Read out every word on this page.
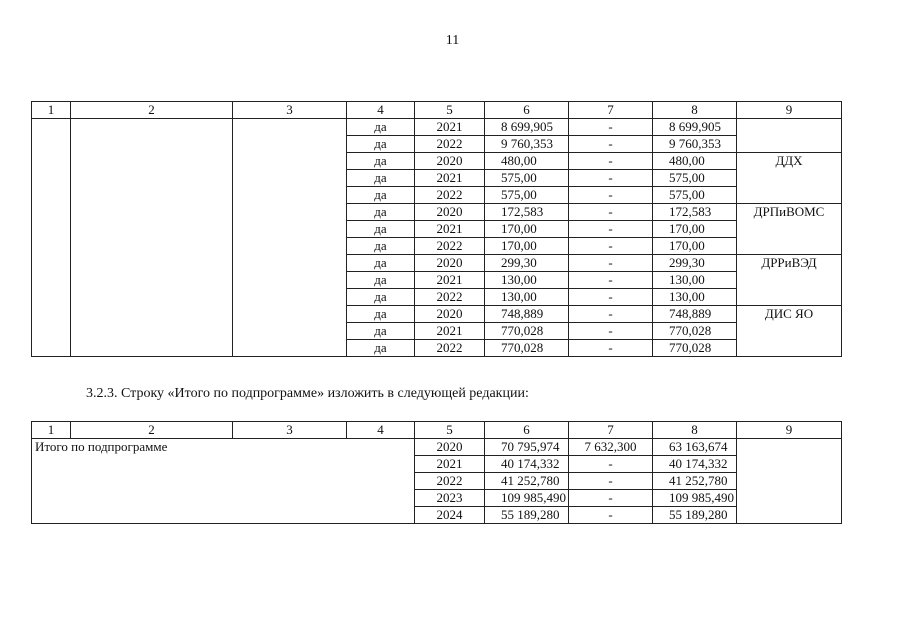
11
1	2	3	4	5	6	7	8	9
			да	2021	8 699,905	-	8 699,905	
			да	2022	9 760,353	-	9 760,353	
			да	2020	480,00	-	480,00	ДДХ
			да	2021	575,00	-	575,00	
			да	2022	575,00	-	575,00	
			да	2020	172,583	-	172,583	ДРПиВОМС
			да	2021	170,00	-	170,00	
			да	2022	170,00	-	170,00	
			да	2020	299,30	-	299,30	ДРРиВЭД
			да	2021	130,00	-	130,00	
			да	2022	130,00	-	130,00	
			да	2020	748,889	-	748,889	ДИС ЯО
			да	2021	770,028	-	770,028	
			да	2022	770,028	-	770,028	
3.2.3. Строку «Итого по подпрограмме» изложить в следующей редакции:
1	2	3	4	5	6	7	8	9
Итого по подпрограмме				2020	70 795,974	7 632,300	63 163,674	
				2021	40 174,332	-	40 174,332	
				2022	41 252,780	-	41 252,780	
				2023	109 985,490	-	109 985,490	
				2024	55 189,280	-	55 189,280	
